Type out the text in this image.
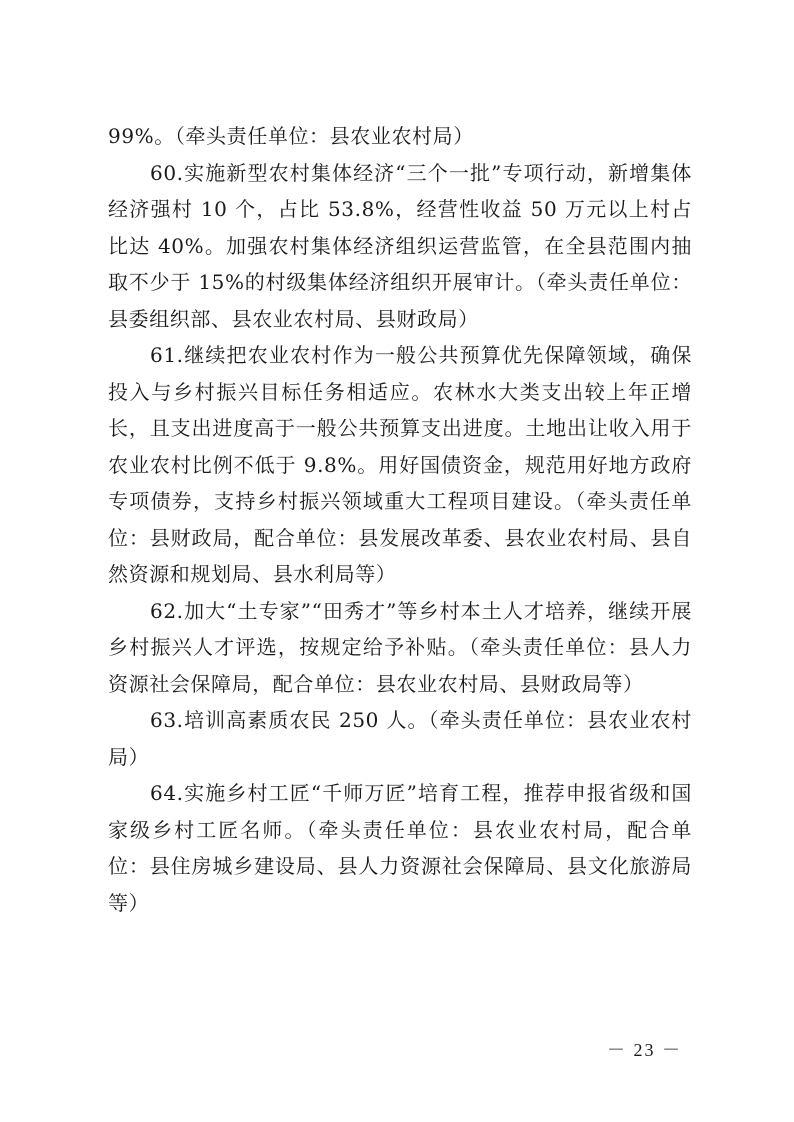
99%。（牵头责任单位：县农业农村局）

60.实施新型农村集体经济“三个一批”专项行动，新增集体经济强村 10 个，占比 53.8%，经营性收益 50 万元以上村占比达 40%。加强农村集体经济组织运营监管，在全县范围内抽取不少于 15%的村级集体经济组织开展审计。（牵头责任单位：县委组织部、县农业农村局、县财政局）

61.继续把农业农村作为一般公共预算优先保障领域，确保投入与乡村振兴目标任务相适应。农林水大类支出较上年正增长，且支出进度高于一般公共预算支出进度。土地出让收入用于农业农村比例不低于 9.8%。用好国债资金，规范用好地方政府专项债券，支持乡村振兴领域重大工程项目建设。（牵头责任单位：县财政局，配合单位：县发展改革委、县农业农村局、县自然资源和规划局、县水利局等）

62.加大“土专家”“田秀才”等乡村本土人才培养，继续开展乡村振兴人才评选，按规定给予补贴。（牵头责任单位：县人力资源社会保障局，配合单位：县农业农村局、县财政局等）

63.培训高素质农民 250 人。（牵头责任单位：县农业农村局）

64.实施乡村工匠“千师万匠”培育工程，推荐申报省级和国家级乡村工匠名师。（牵头责任单位：县农业农村局，配合单位：县住房城乡建设局、县人力资源社会保障局、县文化旅游局等）

－ 23 －
